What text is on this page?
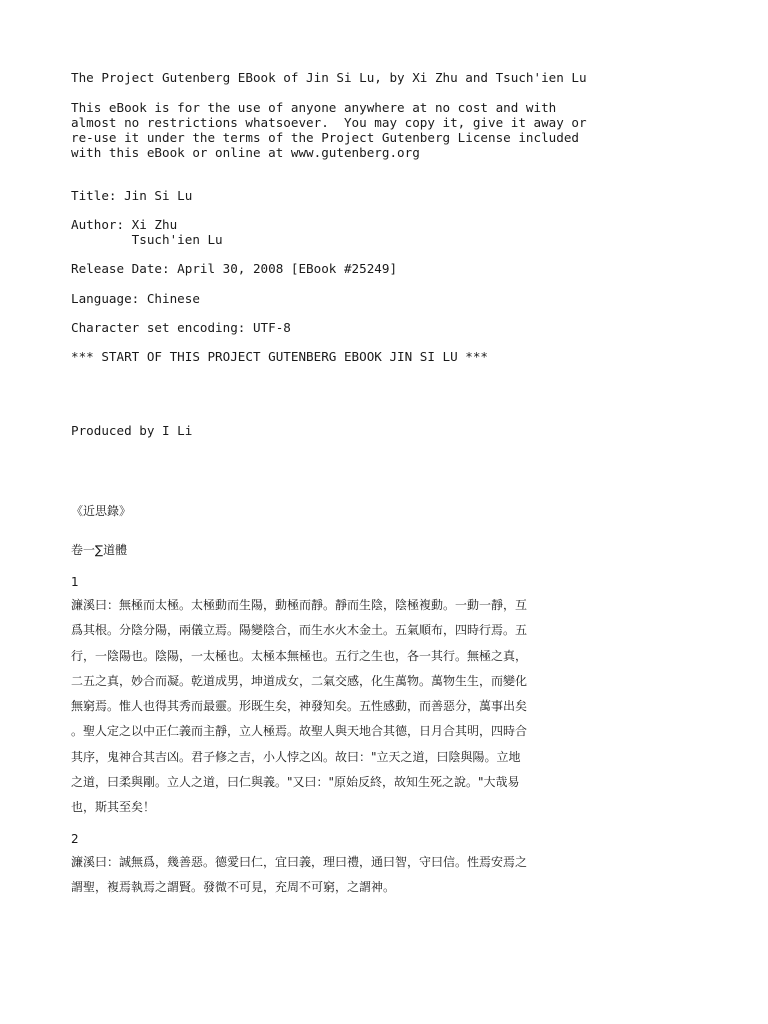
The Project Gutenberg EBook of Jin Si Lu, by Xi Zhu and Tsuch'ien Lu

This eBook is for the use of anyone anywhere at no cost and with

almost no restrictions whatsoever.  You may copy it, give it away or

re-use it under the terms of the Project Gutenberg License included

with this eBook or online at www.gutenberg.org

Title: Jin Si Lu

Author: Xi Zhu

Tsuch'ien Lu

Release Date: April 30, 2008 [EBook #25249]

Language: Chinese

Character set encoding: UTF-8

*** START OF THIS PROJECT GUTENBERG EBOOK JIN SI LU ***

Produced by I Li

《近思錄》

卷一∑道體

1

濂溪曰：無極而太極。太極動而生陽，動極而靜。靜而生陰，陰極複動。一動一靜，互
爲其根。分陰分陽，兩儀立焉。陽變陰合，而生水火木金土。五氣順布，四時行焉。五
行，一陰陽也。陰陽，一太極也。太極本無極也。五行之生也，各一其行。無極之真，
二五之真，妙合而凝。乾道成男，坤道成女，二氣交感，化生萬物。萬物生生，而變化
無窮焉。惟人也得其秀而最靈。形既生矣，神發知矣。五性感動，而善惡分，萬事出矣
。聖人定之以中正仁義而主靜，立人極焉。故聖人與天地合其德，日月合其明，四時合
其序，鬼神合其吉凶。君子修之吉，小人悖之凶。故曰："立天之道，曰陰與陽。立地
之道，曰柔與剛。立人之道，曰仁與義。"又曰："原始反終，故知生死之說。"大哉易
也，斯其至矣！

2

濂溪曰：誠無爲，幾善惡。德愛曰仁，宜曰義，理曰禮，通曰智，守曰信。性焉安焉之
謂聖，複焉執焉之謂賢。發微不可見，充周不可窮，之謂神。
